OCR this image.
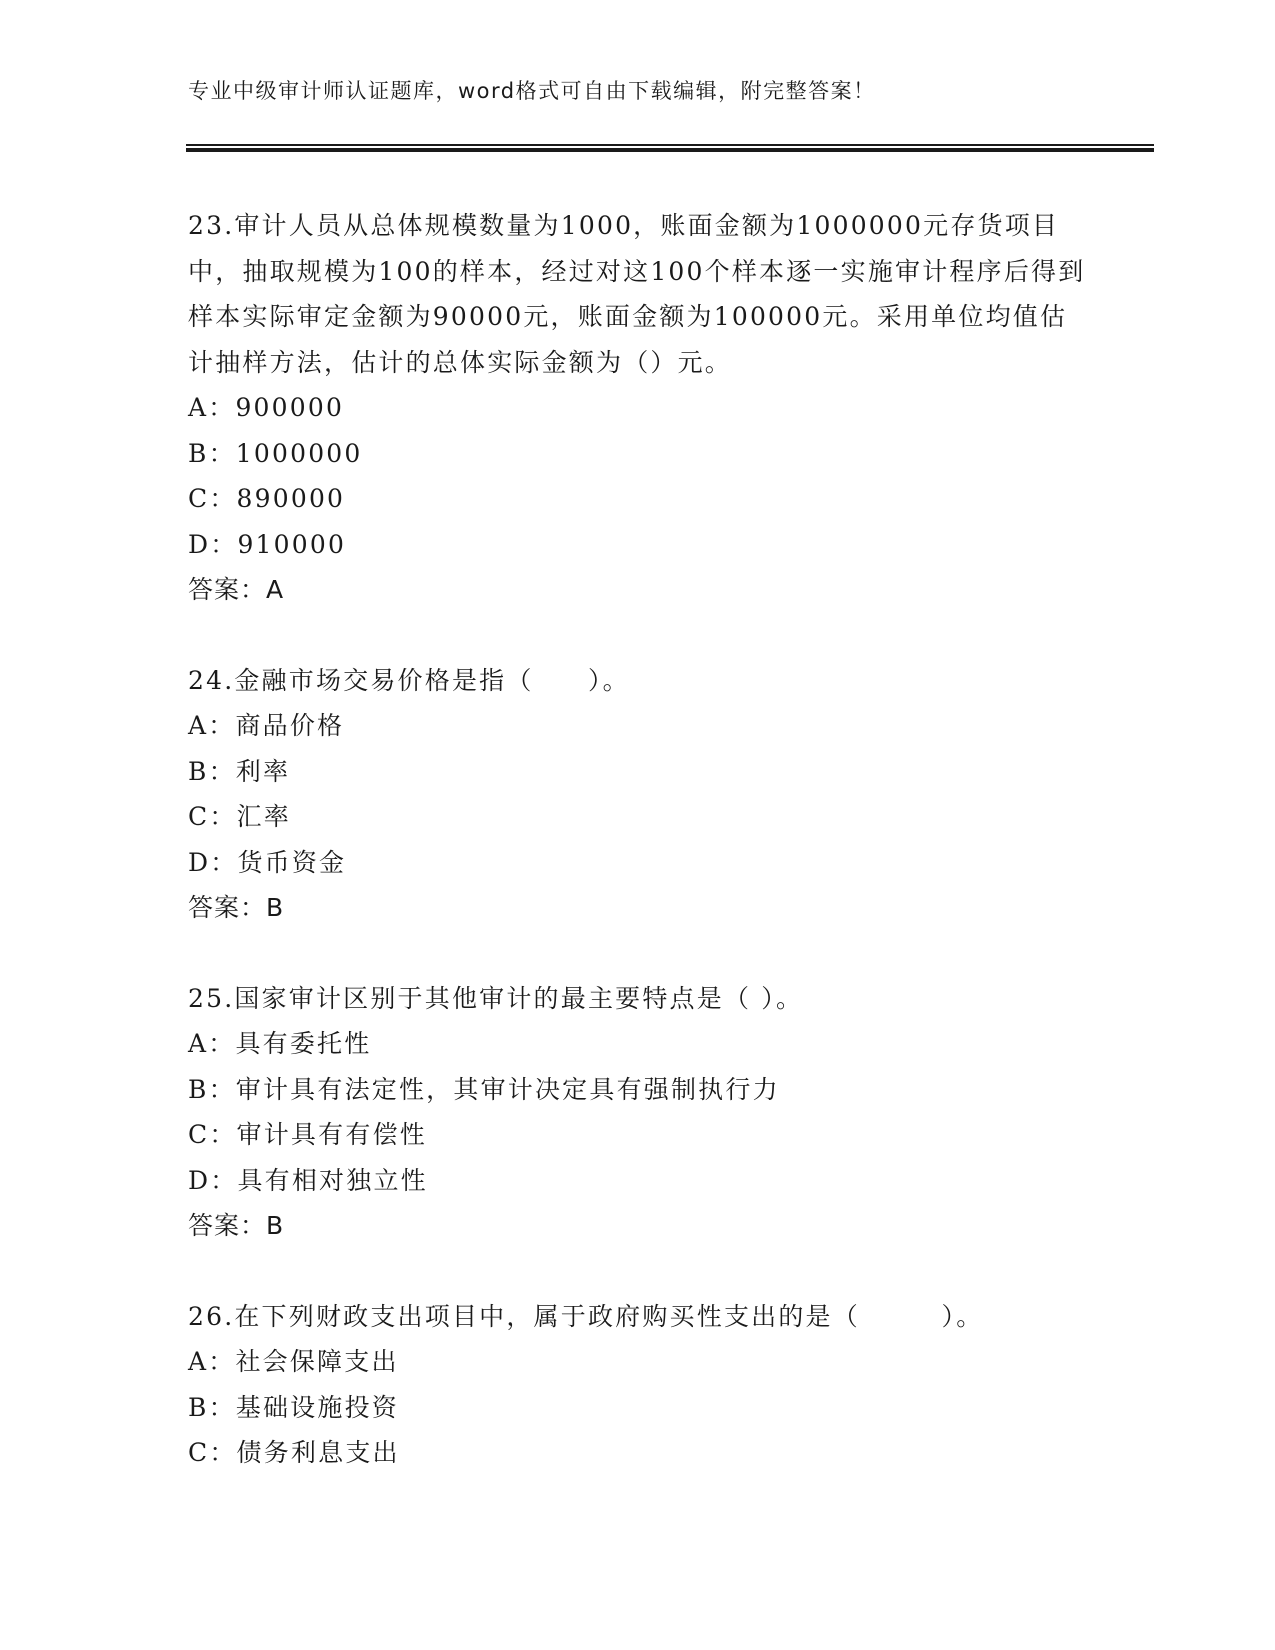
专业中级审计师认证题库，word格式可自由下载编辑，附完整答案！
23.审计人员从总体规模数量为1000，账面金额为1000000元存货项目中，抽取规模为100的样本，经过对这100个样本逐一实施审计程序后得到样本实际审定金额为90000元，账面金额为100000元。采用单位均值估计抽样方法，估计的总体实际金额为（）元。
A：900000
B：1000000
C：890000
D：910000
答案：A
24.金融市场交易价格是指（　　）。
A：商品价格
B：利率
C：汇率
D：货币资金
答案：B
25.国家审计区别于其他审计的最主要特点是（ ）。
A：具有委托性
B：审计具有法定性，其审计决定具有强制执行力
C：审计具有有偿性
D：具有相对独立性
答案：B
26.在下列财政支出项目中，属于政府购买性支出的是（　　　）。
A：社会保障支出
B：基础设施投资
C：债务利息支出
